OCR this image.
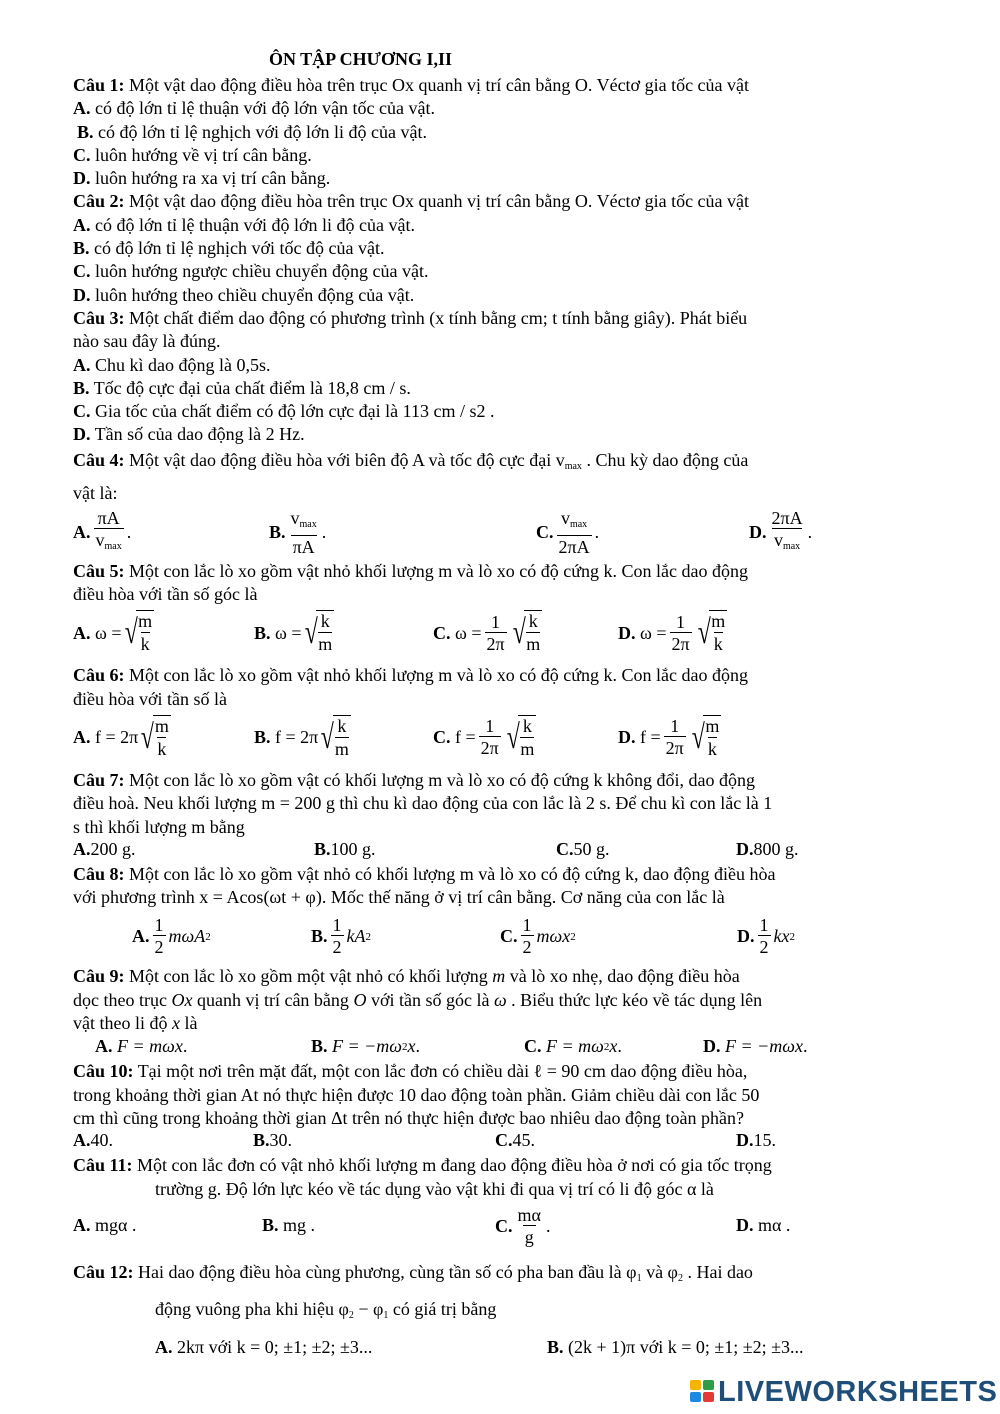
ÔN TẬP CHƯƠNG I,II
Câu 1: Một vật dao động điều hòa trên trục Ox quanh vị trí cân bằng O. Véctơ gia tốc của vật
A. có độ lớn tỉ lệ thuận với độ lớn vận tốc của vật.
B. có độ lớn tỉ lệ nghịch với độ lớn li độ của vật.
C. luôn hướng về vị trí cân bằng.
D. luôn hướng ra xa vị trí cân bằng.
Câu 2: Một vật dao động điều hòa trên trục Ox quanh vị trí cân bằng O. Véctơ gia tốc của vật
A. có độ lớn tỉ lệ thuận với độ lớn li độ của vật.
B. có độ lớn tỉ lệ nghịch với tốc độ của vật.
C. luôn hướng ngược chiều chuyển động của vật.
D. luôn hướng theo chiều chuyển động của vật.
Câu 3: Một chất điểm dao động có phương trình (x tính bằng cm; t tính bằng giây). Phát biểu
nào sau đây là đúng.
A. Chu kì dao động là 0,5s.
B. Tốc độ cực đại của chất điểm là 18,8 cm / s.
C. Gia tốc của chất điểm có độ lớn cực đại là 113 cm / s2 .
D. Tần số của dao động là 2 Hz.
Câu 4: Một vật dao động điều hòa với biên độ A và tốc độ cực đại $v_{max}$ . Chu kỳ dao động của
vật là:
A. $\frac{\pi A}{v_{max}}$ .	B. $\frac{v_{max}}{\pi A}$ .	C. $\frac{v_{max}}{2\pi A}$ .	D. $\frac{2\pi A}{v_{max}}$ .
Câu 5: Một con lắc lò xo gồm vật nhỏ khối lượng m và lò xo có độ cứng k. Con lắc dao động
điều hòa với tần số góc là
A.
ω = √
$\frac{m}{k}$	B.
ω = √
$\frac{k}{m}$	C.
$\omega = \frac{1}{2\pi}$ √
$\frac{k}{m}$	D.
$\omega = \frac{1}{2\pi}$ √
$\frac{m}{k}$
Câu 6: Một con lắc lò xo gồm vật nhỏ khối lượng m và lò xo có độ cứng k. Con lắc dao động
điều hòa với tần số là
A.
f = 2π √
$\frac{m}{k}$	B.
f = 2π √
$\frac{k}{m}$	C.
$f = \frac{1}{2\pi}$ √
$\frac{k}{m}$	D.
$f = \frac{1}{2\pi}$ √
$\frac{m}{k}$
Câu 7: Một con lắc lò xo gồm vật có khối lượng m và lò xo có độ cứng k không đổi, dao động
điều hoà. Neu khối lượng m = 200 g thì chu kì dao động của con lắc là 2 s. Để chu kì con lắc là 1
s thì khối lượng m bằng
A. 200 g.	B. 100 g.	C. 50 g.	D. 800 g.
Câu 8: Một con lắc lò xo gồm vật nhỏ có khối lượng m và lò xo có độ cứng k, dao động điều hòa
với phương trình x = Acos(ωt + φ). Mốc thế năng ở vị trí cân bằng. Cơ năng của con lắc là
A. $\frac{1}{2}$ mωA 2	B. $\frac{1}{2}$ kA 2	C. $\frac{1}{2}$ mωx 2	D. $\frac{1}{2}$ kx 2
Câu 9: Một con lắc lò xo gồm một vật nhỏ có khối lượng m và lò xo nhẹ, dao động điều hòa
dọc theo trục Ox quanh vị trí cân bằng O với tần số góc là ω . Biểu thức lực kéo về tác dụng lên
vật theo li độ x là
A.
F = mωx .	B.
F = −mω 2 x .	C.
F = mω 2 x .	D.
F = −mωx .
Câu 10: Tại một nơi trên mặt đất, một con lắc đơn có chiều dài ℓ = 90 cm dao động điều hòa,
trong khoảng thời gian At nó thực hiện được 10 dao động toàn phần. Giảm chiều dài con lắc 50
cm thì cũng trong khoảng thời gian Δt trên nó thực hiện được bao nhiêu dao động toàn phần?
A. 40.	B. 30.	C. 45.	D. 15.
Câu 11: Một con lắc đơn có vật nhỏ khối lượng m đang dao động điều hòa ở nơi có gia tốc trọng
trường g. Độ lớn lực kéo về tác dụng vào vật khi đi qua vị trí có li độ góc α là
A.
mgα .	B.
mg .	C. $\frac{m\alpha}{g}$ .	D.
mα .
Câu 12: Hai dao động điều hòa cùng phương, cùng tần số có pha ban đầu là $\varphi_1$ và $\varphi_2$ . Hai dao
động vuông pha khi hiệu $\varphi_2 - \varphi_1$ có giá trị bằng
A.
2kπ với k = 0; ±1; ±2; ±3...	B.
(2k + 1)π với k = 0; ±1; ±2; ±3...
LIVEWORKSHEETS
